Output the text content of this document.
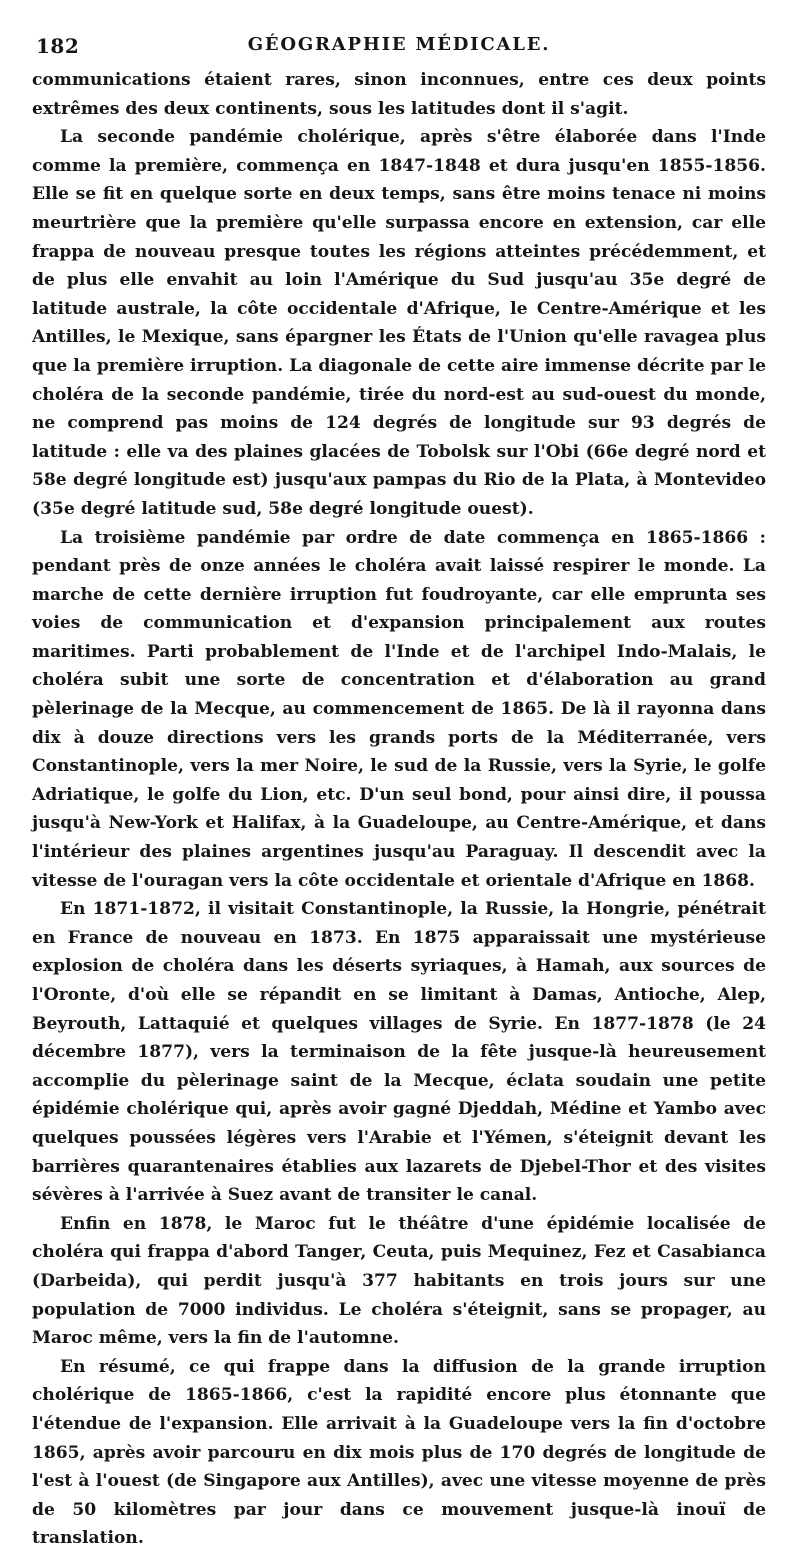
182	GÉOGRAPHIE MÉDICALE.

communications étaient rares, sinon inconnues, entre ces deux points extrêmes des deux continents, sous les latitudes dont il s'agit.

La seconde pandémie cholérique, après s'être élaborée dans l'Inde comme la première, commença en 1847-1848 et dura jusqu'en 1855-1856. Elle se fit en quelque sorte en deux temps, sans être moins tenace ni moins meurtrière que la première qu'elle surpassa encore en extension, car elle frappa de nouveau presque toutes les régions atteintes précédemment, et de plus elle envahit au loin l'Amérique du Sud jusqu'au 35e degré de latitude australe, la côte occidentale d'Afrique, le Centre-Amérique et les Antilles, le Mexique, sans épargner les États de l'Union qu'elle ravagea plus que la première irruption. La diagonale de cette aire immense décrite par le choléra de la seconde pandémie, tirée du nord-est au sud-ouest du monde, ne comprend pas moins de 124 degrés de longitude sur 93 degrés de latitude : elle va des plaines glacées de Tobolsk sur l'Obi (66e degré nord et 58e degré longitude est) jusqu'aux pampas du Rio de la Plata, à Montevideo (35e degré latitude sud, 58e degré longitude ouest).

La troisième pandémie par ordre de date commença en 1865-1866 : pendant près de onze années le choléra avait laissé respirer le monde. La marche de cette dernière irruption fut foudroyante, car elle emprunta ses voies de communication et d'expansion principalement aux routes maritimes. Parti probablement de l'Inde et de l'archipel Indo-Malais, le choléra subit une sorte de concentration et d'élaboration au grand pèlerinage de la Mecque, au commencement de 1865. De là il rayonna dans dix à douze directions vers les grands ports de la Méditerranée, vers Constantinople, vers la mer Noire, le sud de la Russie, vers la Syrie, le golfe Adriatique, le golfe du Lion, etc. D'un seul bond, pour ainsi dire, il poussa jusqu'à New-York et Halifax, à la Guadeloupe, au Centre-Amérique, et dans l'intérieur des plaines argentines jusqu'au Paraguay. Il descendit avec la vitesse de l'ouragan vers la côte occidentale et orientale d'Afrique en 1868.

En 1871-1872, il visitait Constantinople, la Russie, la Hongrie, pénétrait en France de nouveau en 1873. En 1875 apparaissait une mystérieuse explosion de choléra dans les déserts syriaques, à Hamah, aux sources de l'Oronte, d'où elle se répandit en se limitant à Damas, Antioche, Alep, Beyrouth, Lattaquié et quelques villages de Syrie. En 1877-1878 (le 24 décembre 1877), vers la terminaison de la fête jusque-là heureusement accomplie du pèlerinage saint de la Mecque, éclata soudain une petite épidémie cholérique qui, après avoir gagné Djeddah, Médine et Yambo avec quelques poussées légères vers l'Arabie et l'Yémen, s'éteignit devant les barrières quarantenaires établies aux lazarets de Djebel-Thor et des visites sévères à l'arrivée à Suez avant de transiter le canal.

Enfin en 1878, le Maroc fut le théâtre d'une épidémie localisée de choléra qui frappa d'abord Tanger, Ceuta, puis Mequinez, Fez et Casabianca (Darbeida), qui perdit jusqu'à 377 habitants en trois jours sur une population de 7000 individus. Le choléra s'éteignit, sans se propager, au Maroc même, vers la fin de l'automne.

En résumé, ce qui frappe dans la diffusion de la grande irruption cholérique de 1865-1866, c'est la rapidité encore plus étonnante que l'étendue de l'expansion. Elle arrivait à la Guadeloupe vers la fin d'octobre 1865, après avoir parcouru en dix mois plus de 170 degrés de longitude de l'est à l'ouest (de Singapore aux Antilles), avec une vitesse moyenne de près de 50 kilomètres par jour dans ce mouvement jusque-là inouï de translation.
